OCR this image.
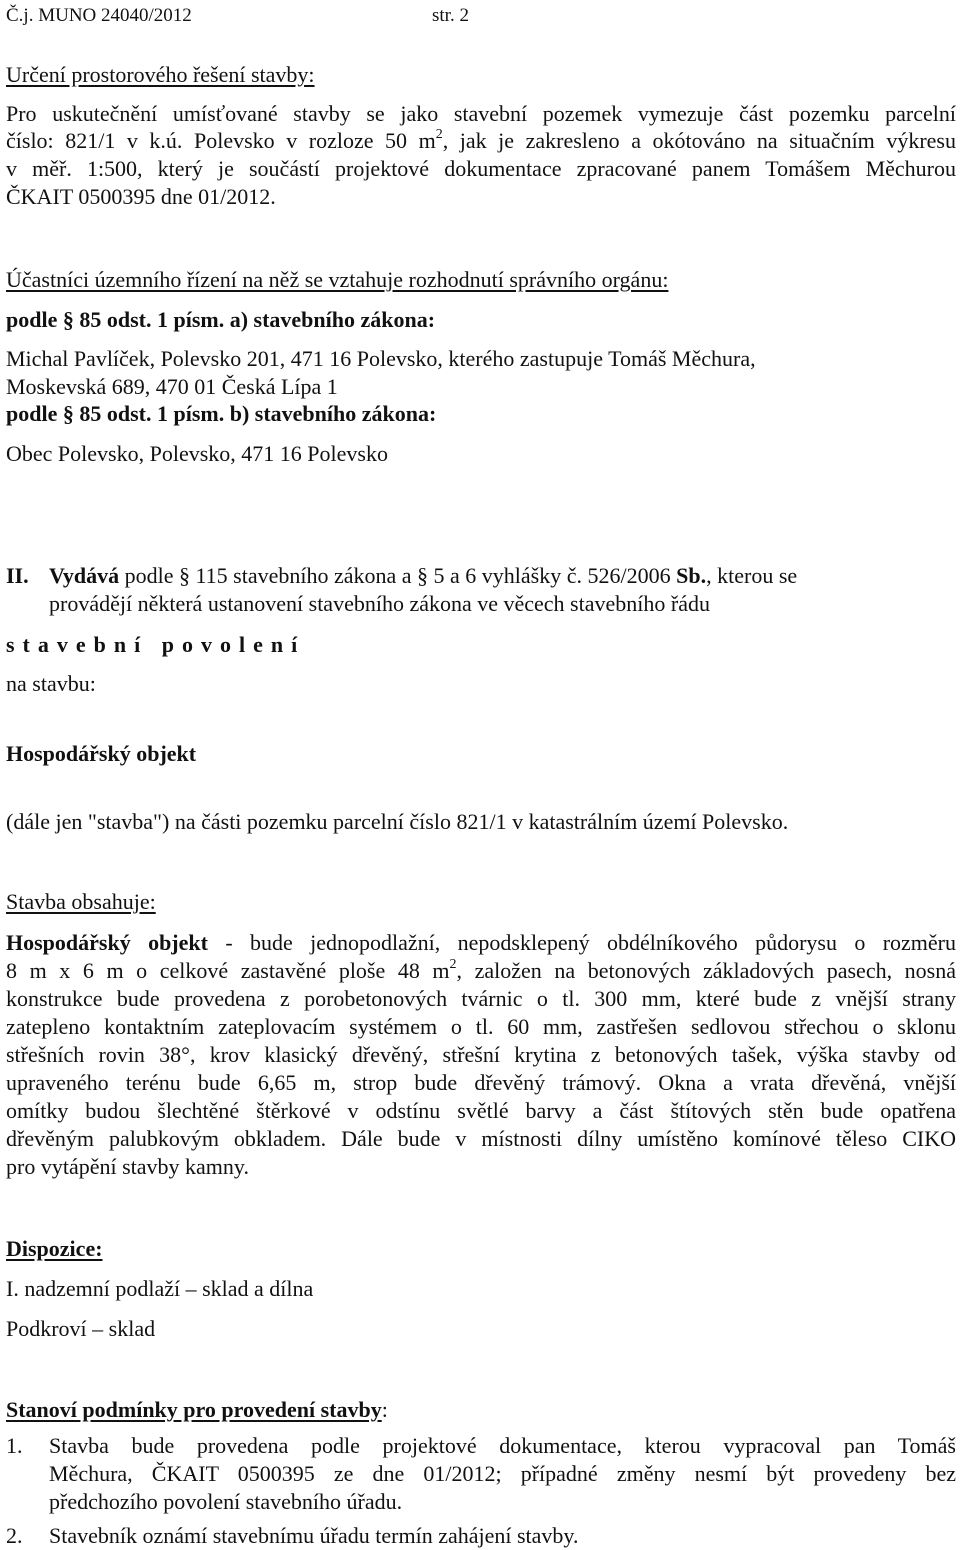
Č.j. MUNO 24040/2012	str. 2
Určení prostorového řešení stavby:
Pro uskutečnění umísťované stavby se jako stavební pozemek vymezuje část pozemku parcelní
číslo: 821/1 v k.ú. Polevsko v rozloze 50 $m^2$, jak je zakresleno a okótováno na situačním výkresu
v měř. 1:500, který je součástí projektové dokumentace zpracované panem Tomášem Měchurou
ČKAIT 0500395 dne 01/2012.
Účastníci územního řízení na něž se vztahuje rozhodnutí správního orgánu:
podle § 85 odst. 1 písm. a) stavebního zákona:
Michal Pavlíček, Polevsko 201, 471 16 Polevsko, kterého zastupuje Tomáš Měchura,
Moskevská 689, 470 01 Česká Lípa 1
podle § 85 odst. 1 písm. b) stavebního zákona:
Obec Polevsko, Polevsko, 471 16 Polevsko
II. Vydává podle § 115 stavebního zákona a § 5 a 6 vyhlášky č. 526/2006 Sb., kterou se
provádějí některá ustanovení stavebního zákona ve věcech stavebního řádu
stavební povolení
na stavbu:
Hospodářský objekt
(dále jen "stavba") na části pozemku parcelní číslo 821/1 v katastrálním území Polevsko.
Stavba obsahuje:
Hospodářský objekt - bude jednopodlažní, nepodsklepený obdélníkového půdorysu o rozměru
8 m x 6 m o celkové zastavěné ploše 48 $m^2$, založen na betonových základových pasech, nosná
konstrukce bude provedena z porobetonových tvárnic o tl. 300 mm, které bude z vnější strany
zatepleno kontaktním zateplovacím systémem o tl. 60 mm, zastřešen sedlovou střechou o sklonu
střešních rovin 38°, krov klasický dřevěný, střešní krytina z betonových tašek, výška stavby od
upraveného terénu bude 6,65 m, strop bude dřevěný trámový. Okna a vrata dřevěná, vnější
omítky budou šlechtěné štěrkové v odstínu světlé barvy a část štítových stěn bude opatřena
dřevěným palubkovým obkladem. Dále bude v místnosti dílny umístěno komínové těleso CIKO
pro vytápění stavby kamny.
Dispozice:
I. nadzemní podlaží – sklad a dílna
Podkroví – sklad
Stanoví podmínky pro provedení stavby:
1. Stavba bude provedena podle projektové dokumentace, kterou vypracoval pan Tomáš
Měchura, ČKAIT 0500395 ze dne 01/2012; případné změny nesmí být provedeny bez
předchozího povolení stavebního úřadu.
2. Stavebník oznámí stavebnímu úřadu termín zahájení stavby.
